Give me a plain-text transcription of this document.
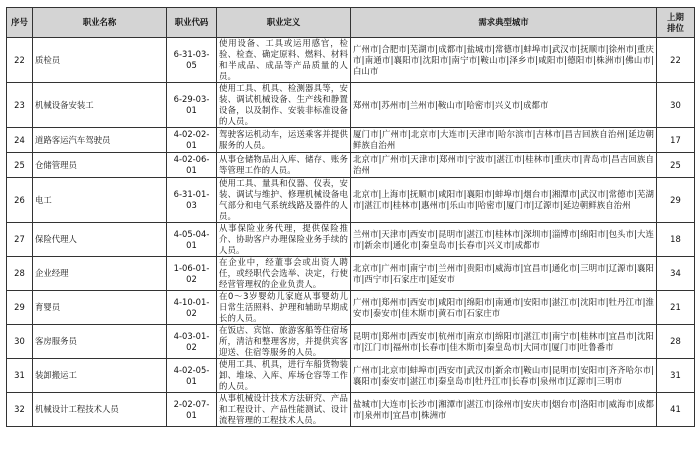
序号	职业名称	职业代码	职业定义	需求典型城市	上期
排位
22	质检员	6-31-03-05	使用设备、工具或运用感官，检验、检查、确定原料、燃料、材料和半成品、成品等产品质量的人员。	广州市|合肥市|芜湖市|成都市|盐城市|常德市|蚌埠市|武汉市|抚顺市|徐州市|重庆市|南通市|襄阳市|沈阳市|南宁市|鞍山市|泽乡市|咸阳市|德阳市|株洲市|佛山市|白山市	22
23	机械设备安装工	6-29-03-01	使用工具、机具、检测器具等，安装、调试机械设备、生产线和静置设备，以及制作、安装非标准设备的人员。	郑州市|苏州市|兰州市|鞍山市|哈密市|兴义市|成都市	30
24	道路客运汽车驾驶员	4-02-02-01	驾驶客运机动车，运送乘客并提供服务的人员。	厦门市|广州市|北京市|大连市|天津市|哈尔滨市|吉林市|昌吉回族自治州|延边朝鲜族自治州	17
25	仓储管理员	4-02-06-01	从事仓储物品出入库、储存、账务等管理工作的人员。	北京市|广州市|天津市|郑州市|宁波市|湛江市|桂林市|重庆市|青岛市|昌吉回族自治州	25
26	电工	6-31-01-03	使用工具、量具和仪器、仪表，安装、调试与维护、修理机械设备电气部分和电气系统线路及器件的人员。	北京市|上海市|抚顺市|咸阳市|襄阳市|蚌埠市|烟台市|湘潭市|武汉市|常德市|芜湖市|湛江市|桂林市|惠州市|乐山市|哈密市|厦门市|辽源市|延边朝鲜族自治州	29
27	保险代理人	4-05-04-01	从事保险业务代理，提供保险推介、协助客户办理保险业务手续的人员。	兰州市|天津市|西安市|昆明市|湛江市|桂林市|深圳市|淄博市|绵阳市|包头市|大连市|新余市|通化市|秦皇岛市|长春市|兴义市|成都市	18
28	企业经理	1-06-01-02	在企业中，经董事会或出资人聘任，或经职代会选举、决定，行使经营管理权的企业负责人。	北京市|广州市|南宁市|兰州市|贵阳市|威海市|宜昌市|通化市|三明市|辽源市|襄阳市|西宁市|石家庄市|延安市	34
29	育婴员	4-10-01-02	在0～3岁婴幼儿家庭从事婴幼儿日常生活照料、护理和辅助早期成长的人员。	广州市|郑州市|西安市|咸阳市|绵阳市|南通市|安阳市|湛江市|沈阳市|牡丹江市|淮安市|泰安市|佳木斯市|黄石市|石家庄市	21
30	客房服务员	4-03-01-02	在饭店、宾馆、旅游客船等住宿场所，清洁和整理客房，并提供宾客迎送、住宿等服务的人员。	昆明市|郑州市|西安市|杭州市|南京市|绵阳市|湛江市|南宁市|桂林市|宜昌市|沈阳市|江门市|福州市|长春市|佳木斯市|秦皇岛市|大同市|厦门市|吐鲁番市	28
31	装卸搬运工	4-02-05-01	使用工具、机具，进行车船货物装卸、堆垛、入库、库场仓容等工作的人员。	广州市|北京市|蚌埠市|西安市|武汉市|新余市|鞍山市|昆明市|安阳市|齐齐哈尔市|襄阳市|泰安市|湛江市|秦皇岛市|牡丹江市|长春市|泉州市|辽源市|三明市	31
32	机械设计工程技术人员	2-02-07-01	从事机械设计技术方法研究、产品和工程设计、产品性能测试、设计流程管理的工程技术人员。	盐城市|大连市|长沙市|湘潭市|湛江市|徐州市|安庆市|烟台市|洛阳市|威海市|成都市|泉州市|宜昌市|株洲市	41
